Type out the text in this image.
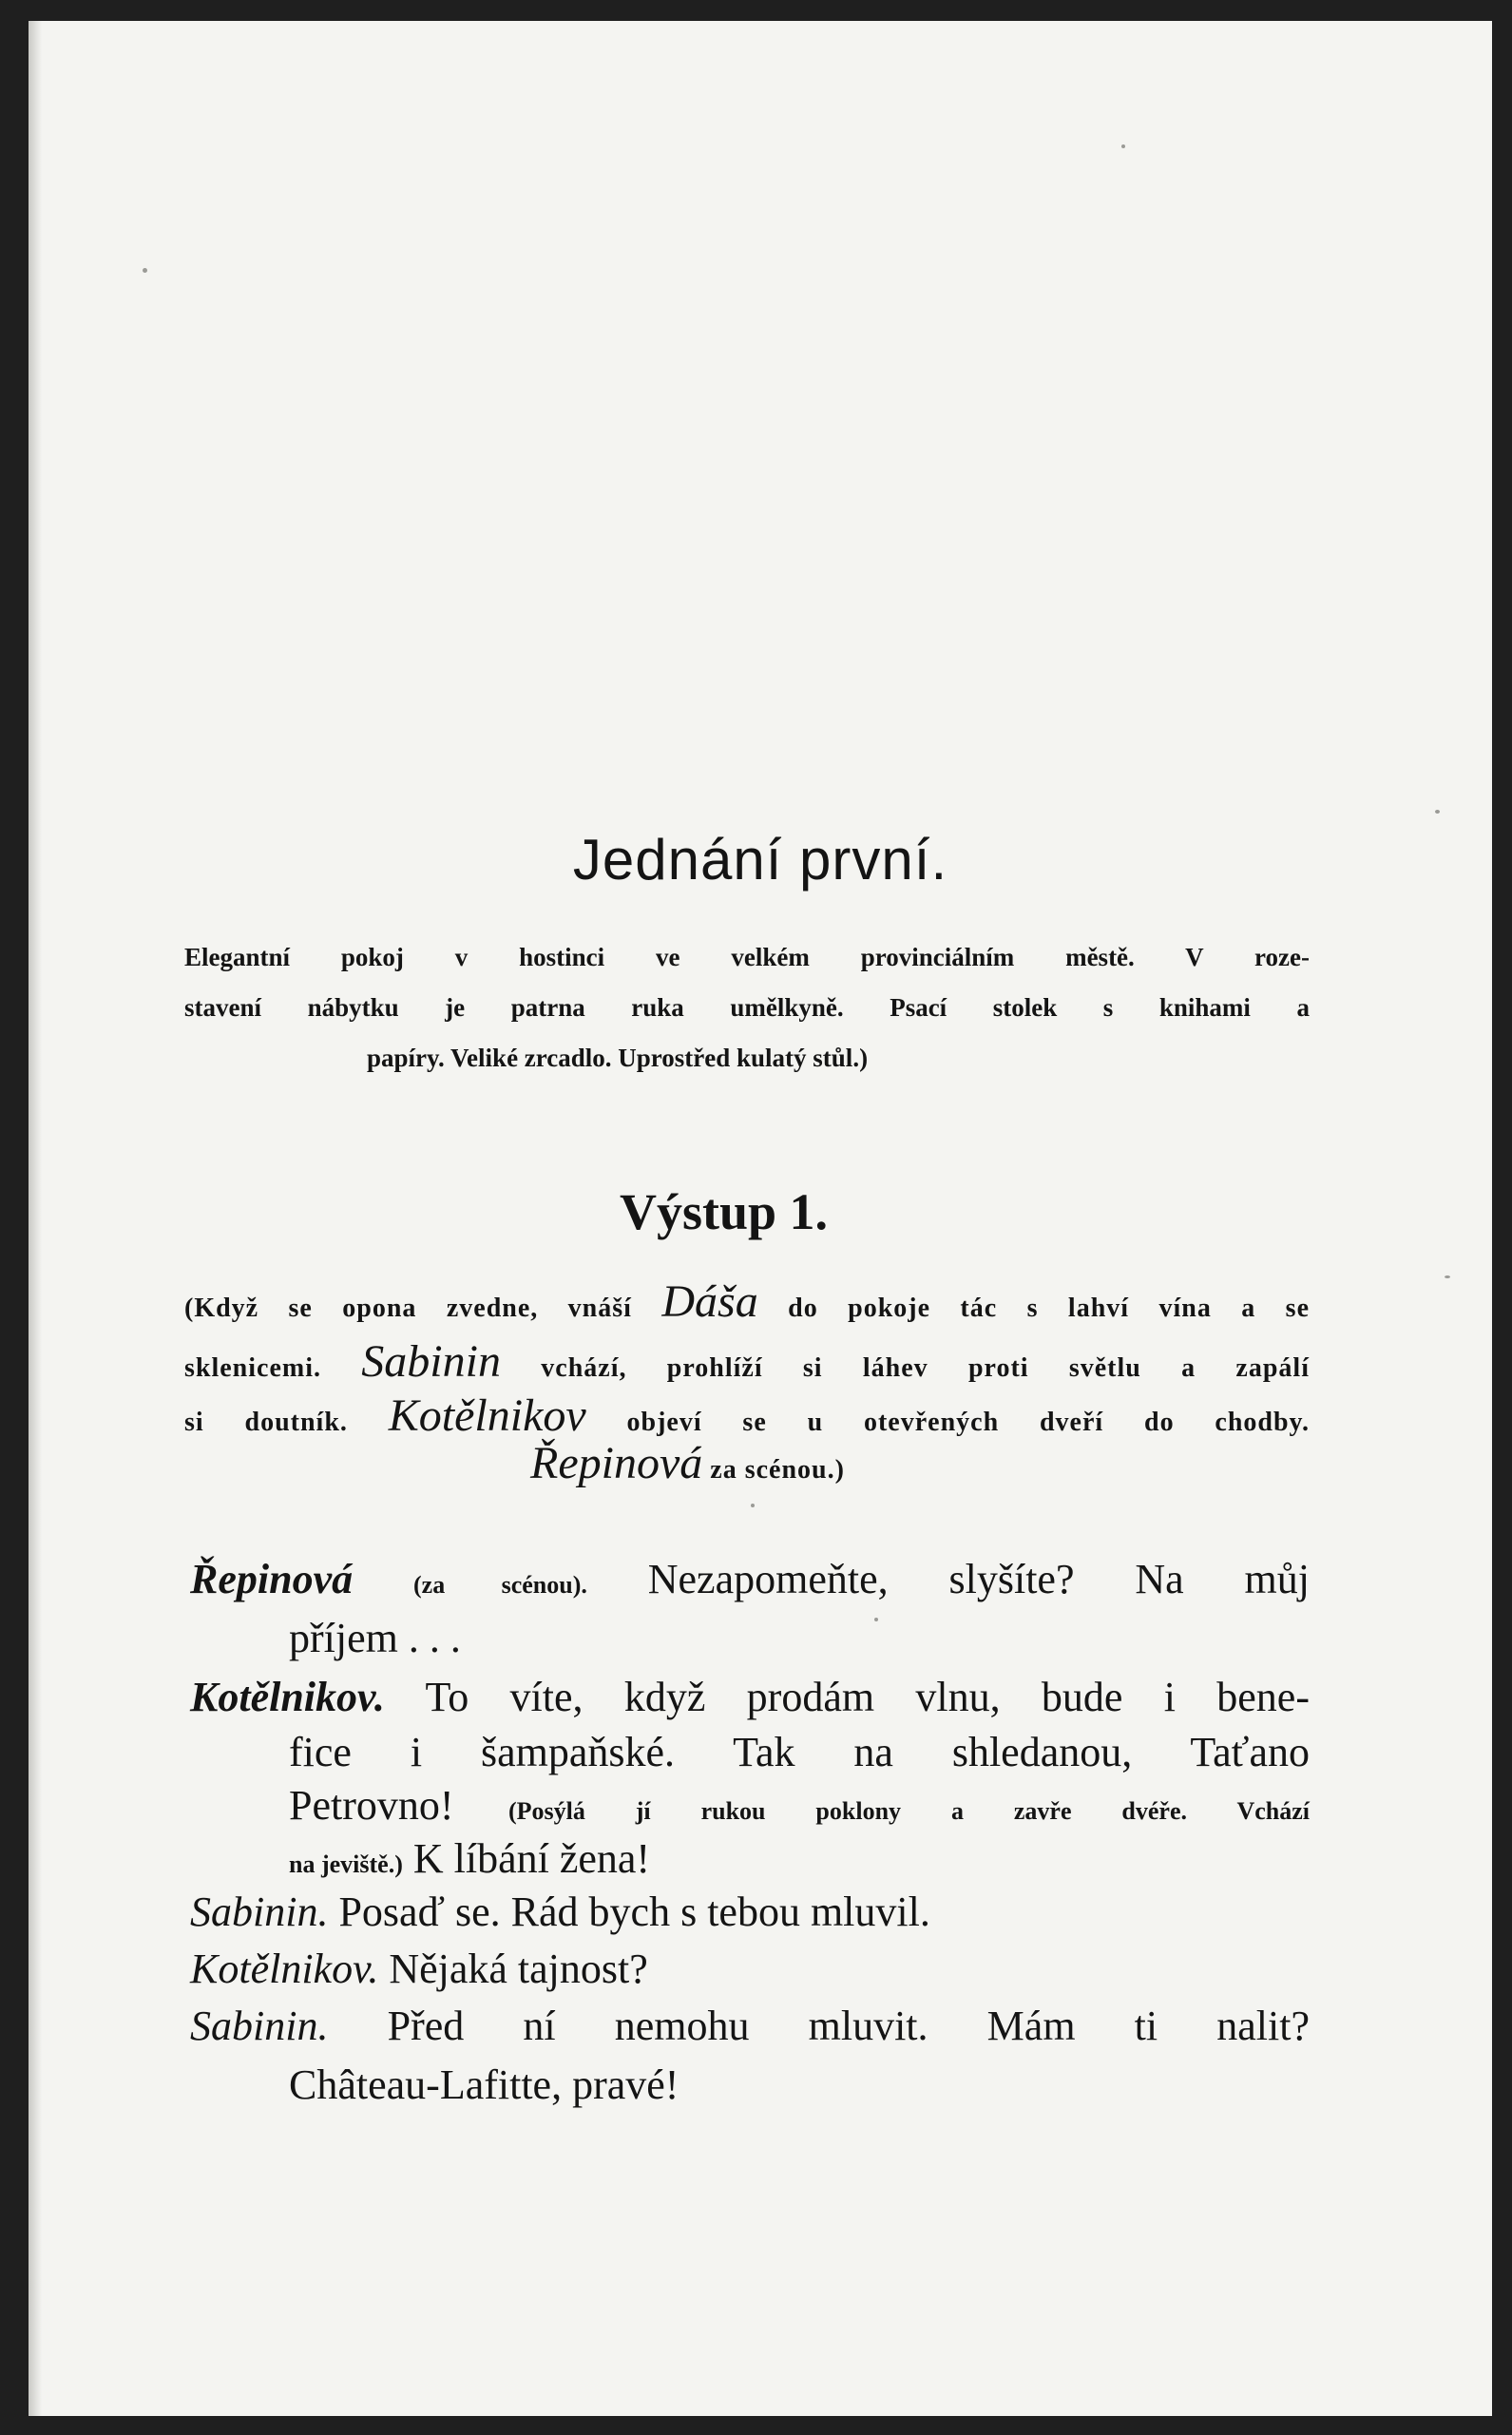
Jednání první.

Elegantní pokoj v hostinci ve velkém provinciálním městě. V roze-

stavení nábytku je patrna ruka umělkyně. Psací stolek s knihami a

papíry. Veliké zrcadlo. Uprostřed kulatý stůl.)

Výstup 1.

(Když se opona zvedne, vnáší Dáša do pokoje tác s lahví vína a se

sklenicemi. Sabinin vchází, prohlíží si láhev proti světlu a zapálí

si doutník. Kotělnikov objeví se u otevřených dveří do chodby.

Řepinová za scénou.)

Řepinová (za scénou). Nezapomeňte, slyšíte? Na můj

příjem . . .

Kotělnikov. To víte, když prodám vlnu, bude i bene-

fice i šampaňské. Tak na shledanou, Taťano

Petrovno! (Posýlá jí rukou poklony a zavře dvéře. Vchází

na jeviště.) K líbání žena!

Sabinin. Posaď se. Rád bych s tebou mluvil.

Kotělnikov. Nějaká tajnost?

Sabinin. Před ní nemohu mluvit. Mám ti nalit?

Château-Lafitte, pravé!
